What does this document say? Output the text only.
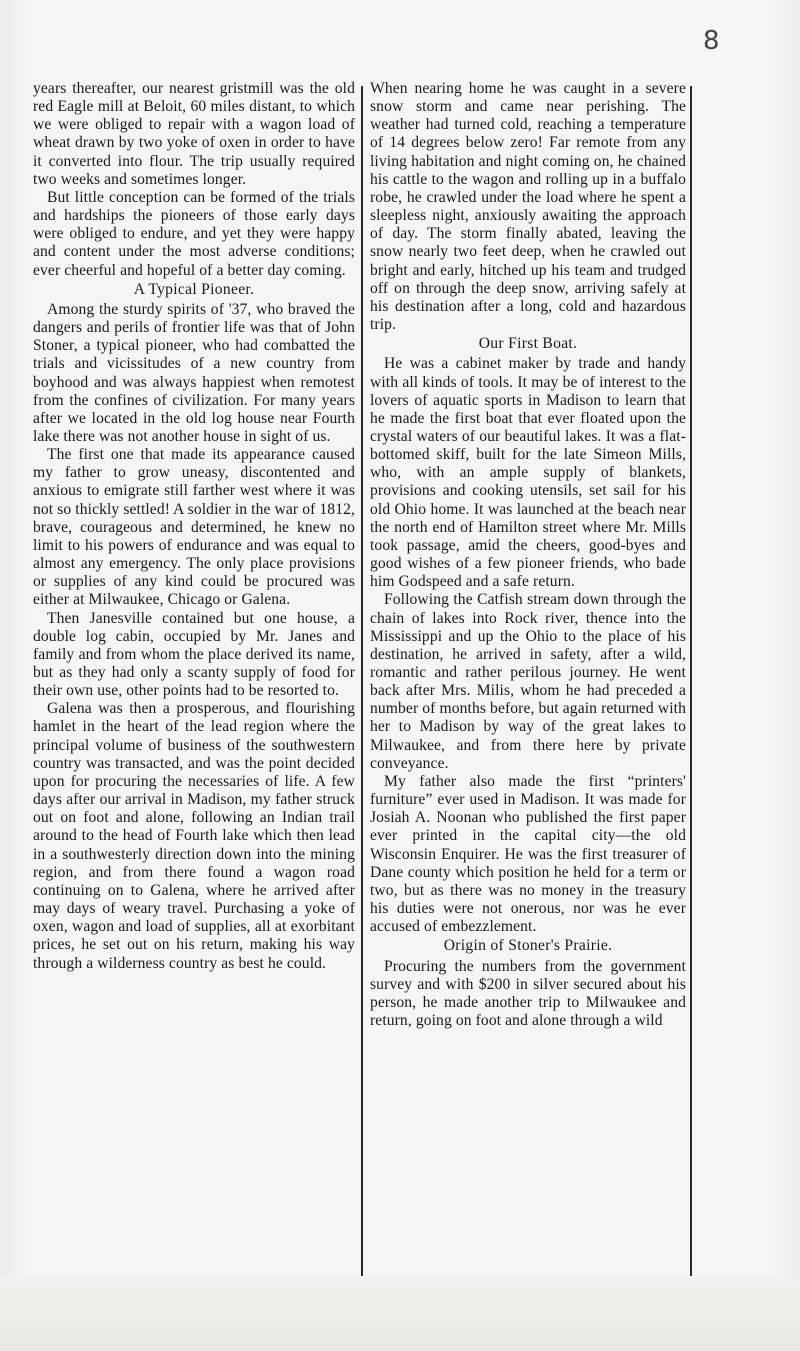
8

years thereafter, our nearest gristmill was the old red Eagle mill at Beloit, 60 miles distant, to which we were obliged to repair with a wagon load of wheat drawn by two yoke of oxen in order to have it converted into flour. The trip usually required two weeks and sometimes longer.

But little conception can be formed of the trials and hardships the pioneers of those early days were obliged to endure, and yet they were happy and content under the most adverse conditions; ever cheerful and hopeful of a better day coming.

A Typical Pioneer.

Among the sturdy spirits of '37, who braved the dangers and perils of frontier life was that of John Stoner, a typical pioneer, who had combatted the trials and vicissitudes of a new country from boyhood and was always happiest when remotest from the confines of civilization. For many years after we located in the old log house near Fourth lake there was not another house in sight of us.

The first one that made its appearance caused my father to grow uneasy, discontented and anxious to emigrate still farther west where it was not so thickly settled! A soldier in the war of 1812, brave, courageous and determined, he knew no limit to his powers of endurance and was equal to almost any emergency. The only place provisions or supplies of any kind could be procured was either at Milwaukee, Chicago or Galena.

Then Janesville contained but one house, a double log cabin, occupied by Mr. Janes and family and from whom the place derived its name, but as they had only a scanty supply of food for their own use, other points had to be resorted to.

Galena was then a prosperous, and flourishing hamlet in the heart of the lead region where the principal volume of business of the southwestern country was transacted, and was the point decided upon for procuring the necessaries of life. A few days after our arrival in Madison, my father struck out on foot and alone, following an Indian trail around to the head of Fourth lake which then lead in a southwesterly direction down into the mining region, and from there found a wagon road continuing on to Galena, where he arrived after may days of weary travel. Purchasing a yoke of oxen, wagon and load of supplies, all at exorbitant prices, he set out on his return, making his way through a wilderness country as best he could.

When nearing home he was caught in a severe snow storm and came near perishing. The weather had turned cold, reaching a temperature of 14 degrees below zero! Far remote from any living habitation and night coming on, he chained his cattle to the wagon and rolling up in a buffalo robe, he crawled under the load where he spent a sleepless night, anxiously awaiting the approach of day. The storm finally abated, leaving the snow nearly two feet deep, when he crawled out bright and early, hitched up his team and trudged off on through the deep snow, arriving safely at his destination after a long, cold and hazardous trip.

Our First Boat.

He was a cabinet maker by trade and handy with all kinds of tools. It may be of interest to the lovers of aquatic sports in Madison to learn that he made the first boat that ever floated upon the crystal waters of our beautiful lakes. It was a flat-bottomed skiff, built for the late Simeon Mills, who, with an ample supply of blankets, provisions and cooking utensils, set sail for his old Ohio home. It was launched at the beach near the north end of Hamilton street where Mr. Mills took passage, amid the cheers, good-byes and good wishes of a few pioneer friends, who bade him Godspeed and a safe return.

Following the Catfish stream down through the chain of lakes into Rock river, thence into the Mississippi and up the Ohio to the place of his destination, he arrived in safety, after a wild, romantic and rather perilous journey. He went back after Mrs. Milis, whom he had preceded a number of months before, but again returned with her to Madison by way of the great lakes to Milwaukee, and from there here by private conveyance.

My father also made the first “printers' furniture” ever used in Madison. It was made for Josiah A. Noonan who published the first paper ever printed in the capital city—the old Wisconsin Enquirer. He was the first treasurer of Dane county which position he held for a term or two, but as there was no money in the treasury his duties were not onerous, nor was he ever accused of embezzlement.

Origin of Stoner's Prairie.

Procuring the numbers from the government survey and with $200 in silver secured about his person, he made another trip to Milwaukee and return, going on foot and alone through a wild
